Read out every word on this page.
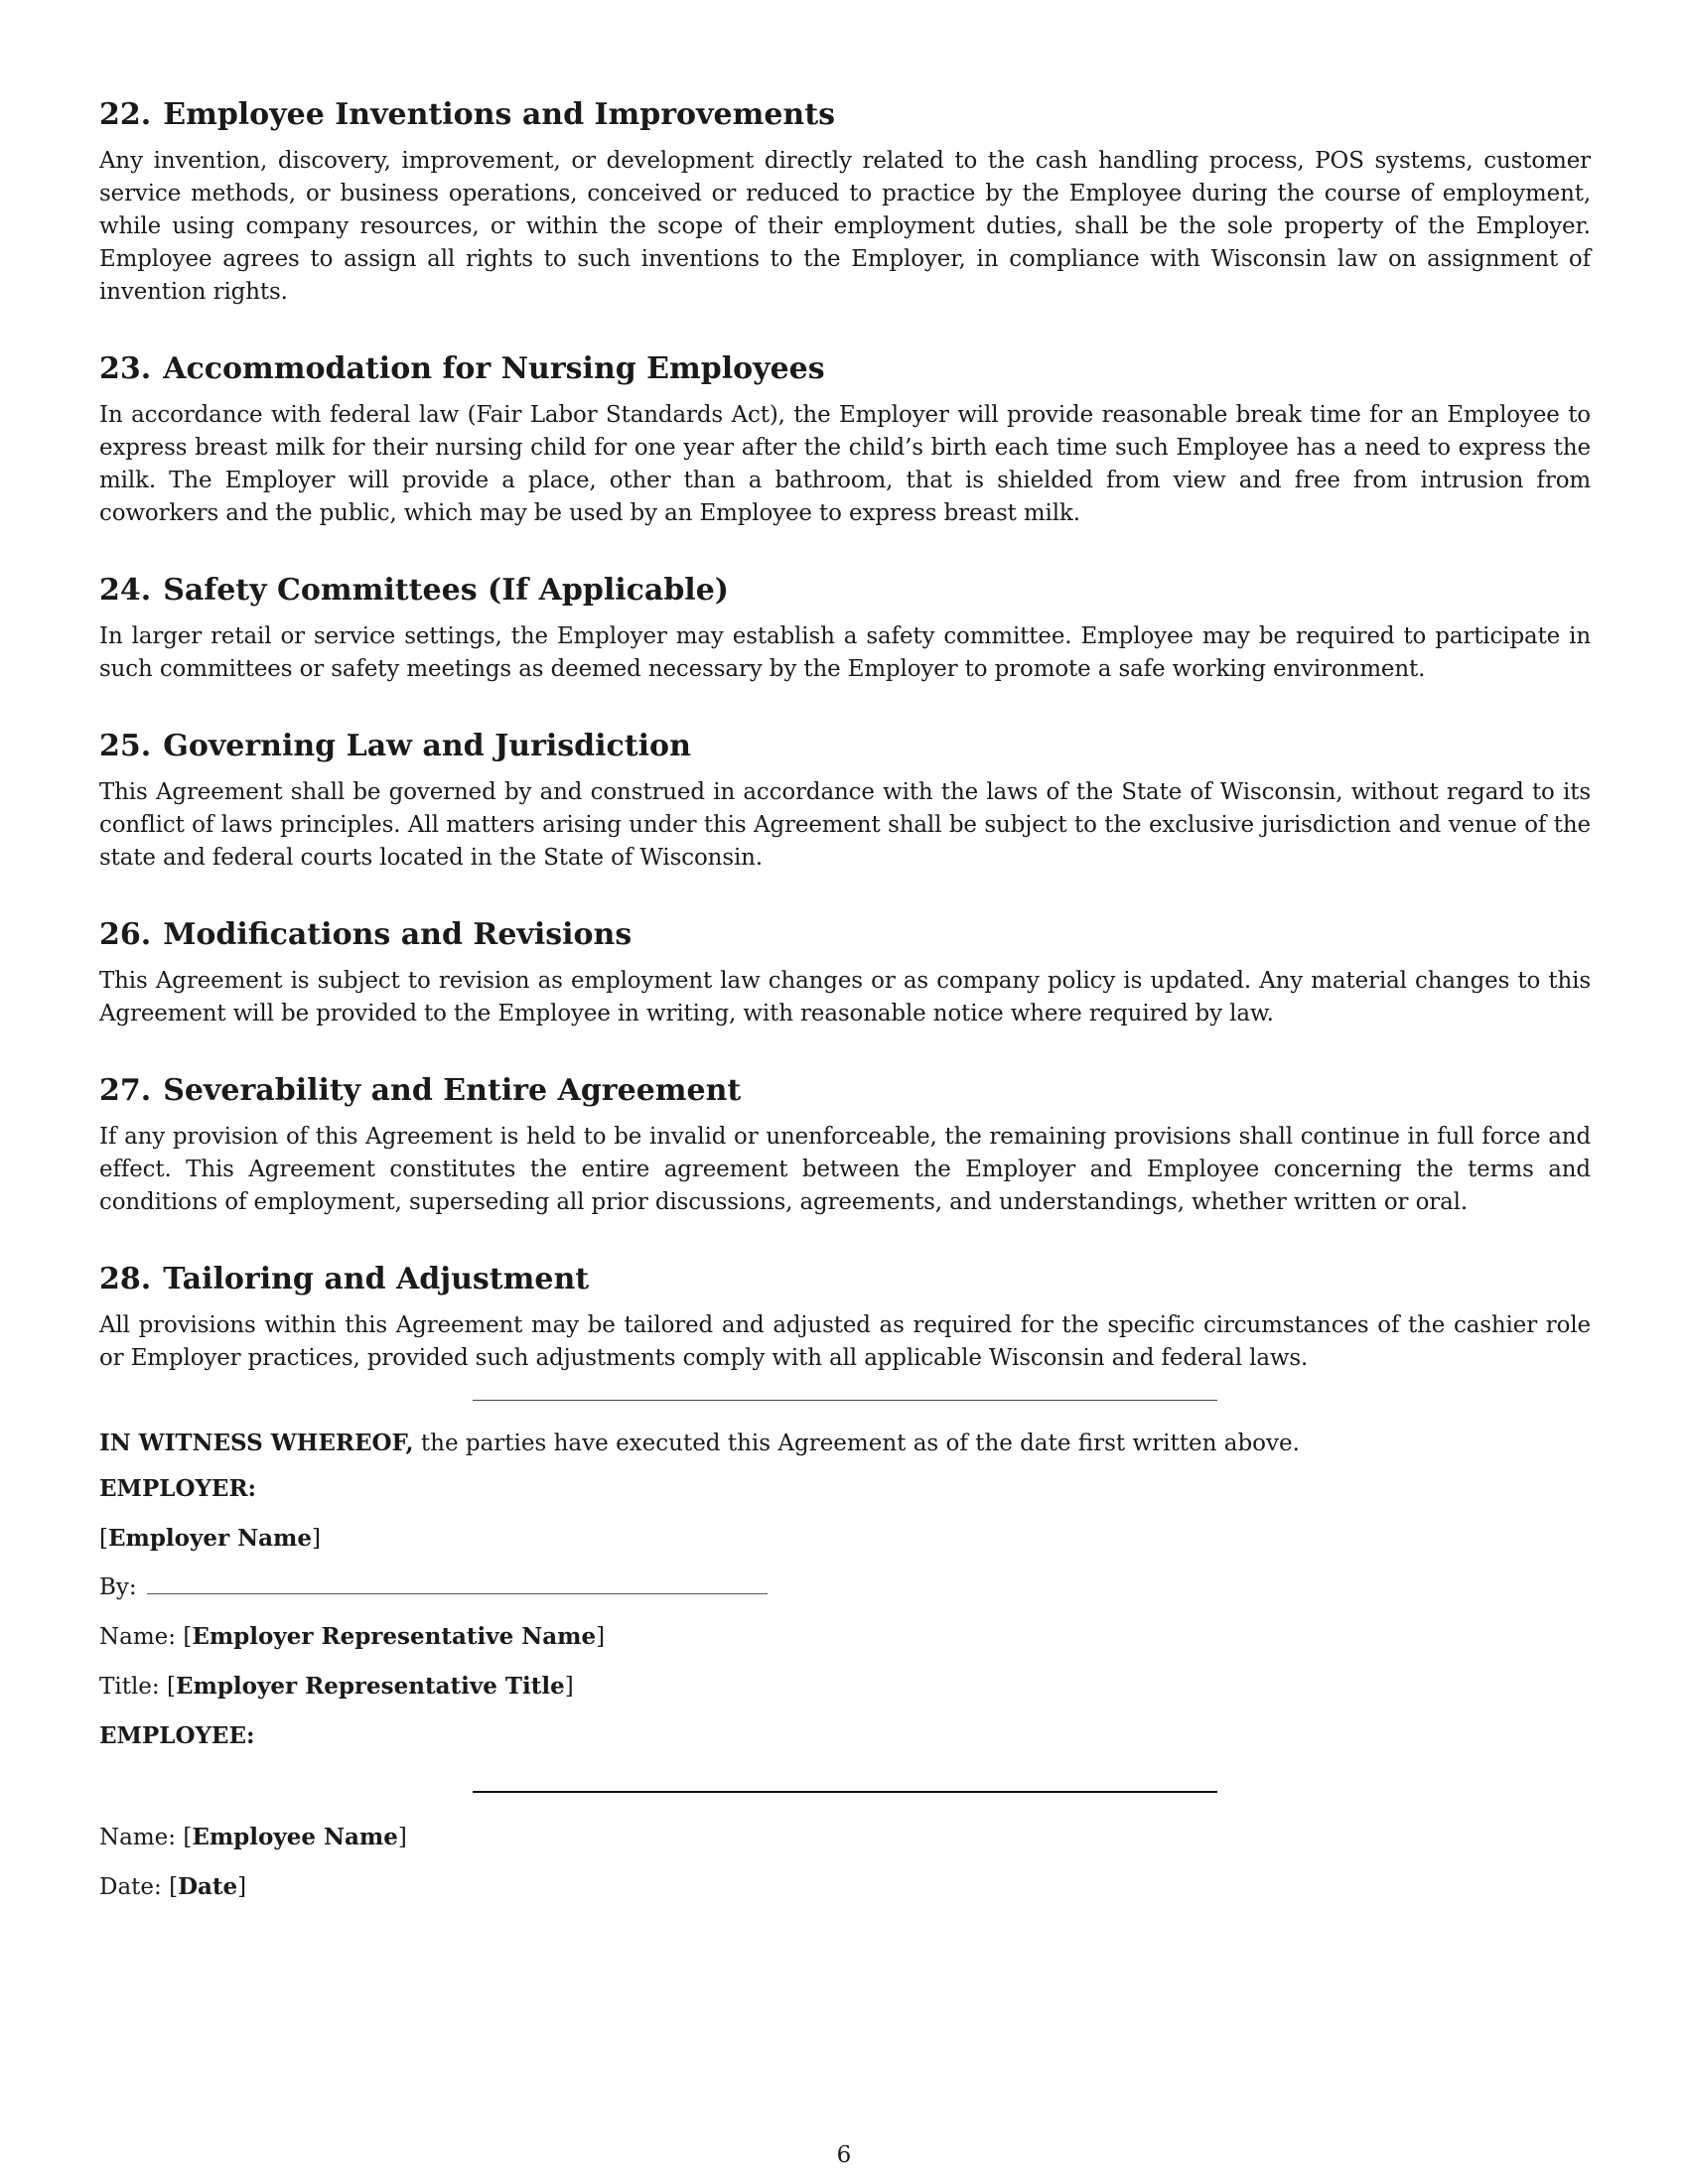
22. Employee Inventions and Improvements

Any invention, discovery, improvement, or development directly related to the cash handling process, POS systems, customer service methods, or business operations, conceived or reduced to practice by the Employee during the course of employment, while using company resources, or within the scope of their employment duties, shall be the sole property of the Employer. Employee agrees to assign all rights to such inventions to the Employer, in compliance with Wisconsin law on assignment of invention rights.

23. Accommodation for Nursing Employees

In accordance with federal law (Fair Labor Standards Act), the Employer will provide reasonable break time for an Employee to express breast milk for their nursing child for one year after the child’s birth each time such Employee has a need to express the milk. The Employer will provide a place, other than a bathroom, that is shielded from view and free from intrusion from coworkers and the public, which may be used by an Employee to express breast milk.

24. Safety Committees (If Applicable)

In larger retail or service settings, the Employer may establish a safety committee. Employee may be required to participate in such committees or safety meetings as deemed necessary by the Employer to promote a safe working environment.

25. Governing Law and Jurisdiction

This Agreement shall be governed by and construed in accordance with the laws of the State of Wisconsin, without regard to its conflict of laws principles. All matters arising under this Agreement shall be subject to the exclusive jurisdiction and venue of the state and federal courts located in the State of Wisconsin.

26. Modifications and Revisions

This Agreement is subject to revision as employment law changes or as company policy is updated. Any material changes to this Agreement will be provided to the Employee in writing, with reasonable notice where required by law.

27. Severability and Entire Agreement

If any provision of this Agreement is held to be invalid or unenforceable, the remaining provisions shall continue in full force and effect. This Agreement constitutes the entire agreement between the Employer and Employee concerning the terms and conditions of employment, superseding all prior discussions, agreements, and understandings, whether written or oral.

28. Tailoring and Adjustment

All provisions within this Agreement may be tailored and adjusted as required for the specific circumstances of the cashier role or Employer practices, provided such adjustments comply with all applicable Wisconsin and federal laws.

IN WITNESS WHEREOF, the parties have executed this Agreement as of the date first written above.

EMPLOYER:
[Employer Name]
By:
Name: [Employer Representative Name]
Title: [Employer Representative Title]
EMPLOYEE:
Name: [Employee Name]
Date: [Date]
6
